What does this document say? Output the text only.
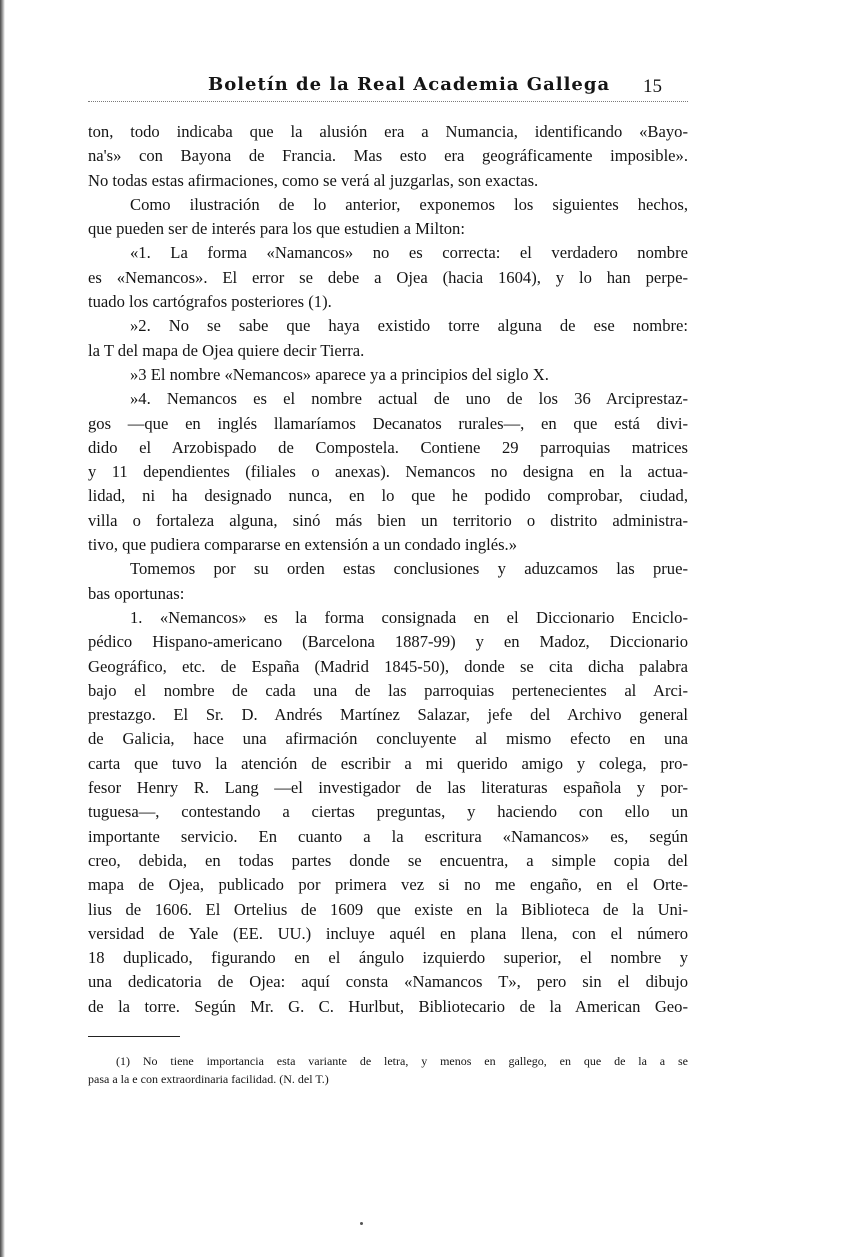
Boletín de la Real Academia Gallega 15
ton, todo indicaba que la alusión era a Numancia, identificando «Bayo-
na's» con Bayona de Francia. Mas esto era geográficamente imposible».
No todas estas afirmaciones, como se verá al juzgarlas, son exactas.
Como ilustración de lo anterior, exponemos los siguientes hechos,
que pueden ser de interés para los que estudien a Milton:
«1. La forma «Namancos» no es correcta: el verdadero nombre
es «Nemancos». El error se debe a Ojea (hacia 1604), y lo han perpe-
tuado los cartógrafos posteriores (1).
»2. No se sabe que haya existido torre alguna de ese nombre:
la T del mapa de Ojea quiere decir Tierra.
»3 El nombre «Nemancos» aparece ya a principios del siglo X.
»4. Nemancos es el nombre actual de uno de los 36 Arciprestaz-
gos —que en inglés llamaríamos Decanatos rurales—, en que está divi-
dido el Arzobispado de Compostela. Contiene 29 parroquias matrices
y 11 dependientes (filiales o anexas). Nemancos no designa en la actua-
lidad, ni ha designado nunca, en lo que he podido comprobar, ciudad,
villa o fortaleza alguna, sinó más bien un territorio o distrito administra-
tivo, que pudiera compararse en extensión a un condado inglés.»
Tomemos por su orden estas conclusiones y aduzcamos las prue-
bas oportunas:
1. «Nemancos» es la forma consignada en el Diccionario Enciclo-
pédico Hispano-americano (Barcelona 1887-99) y en Madoz, Diccionario
Geográfico, etc. de España (Madrid 1845-50), donde se cita dicha palabra
bajo el nombre de cada una de las parroquias pertenecientes al Arci-
prestazgo. El Sr. D. Andrés Martínez Salazar, jefe del Archivo general
de Galicia, hace una afirmación concluyente al mismo efecto en una
carta que tuvo la atención de escribir a mi querido amigo y colega, pro-
fesor Henry R. Lang —el investigador de las literaturas española y por-
tuguesa—, contestando a ciertas preguntas, y haciendo con ello un
importante servicio. En cuanto a la escritura «Namancos» es, según
creo, debida, en todas partes donde se encuentra, a simple copia del
mapa de Ojea, publicado por primera vez si no me engaño, en el Orte-
lius de 1606. El Ortelius de 1609 que existe en la Biblioteca de la Uni-
versidad de Yale (EE. UU.) incluye aquél en plana llena, con el número
18 duplicado, figurando en el ángulo izquierdo superior, el nombre y
una dedicatoria de Ojea: aquí consta «Namancos T», pero sin el dibujo
de la torre. Según Mr. G. C. Hurlbut, Bibliotecario de la American Geo-
(1) No tiene importancia esta variante de letra, y menos en gallego, en que de la a se
pasa a la e con extraordinaria facilidad. (N. del T.)
